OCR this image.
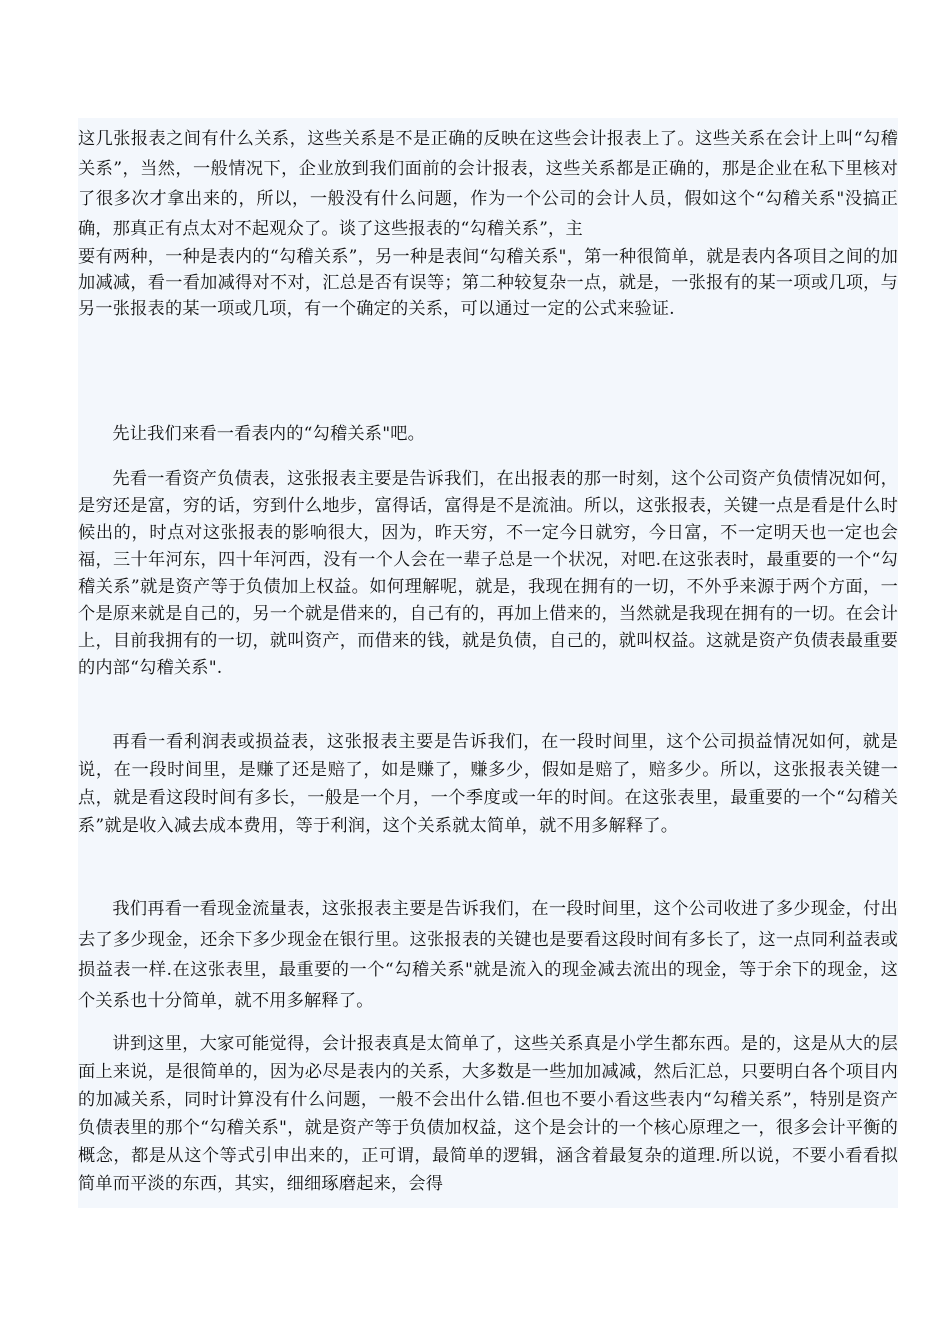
这几张报表之间有什么关系，这些关系是不是正确的反映在这些会计报表上了。这些关系在会计上叫“勾稽关系”，当然，一般情况下，企业放到我们面前的会计报表，这些关系都是正确的，那是企业在私下里核对了很多次才拿出来的，所以，一般没有什么问题，作为一个公司的会计人员，假如这个“勾稽关系"没搞正确，那真正有点太对不起观众了。谈了这些报表的“勾稽关系”，主

要有两种，一种是表内的“勾稽关系”，另一种是表间“勾稽关系"，第一种很简单，就是表内各项目之间的加加减减，看一看加减得对不对，汇总是否有误等；第二种较复杂一点，就是，一张报有的某一项或几项，与另一张报表的某一项或几项，有一个确定的关系，可以通过一定的公式来验证.

先让我们来看一看表内的“勾稽关系"吧。

先看一看资产负债表，这张报表主要是告诉我们，在出报表的那一时刻，这个公司资产负债情况如何，是穷还是富，穷的话，穷到什么地步，富得话，富得是不是流油。所以，这张报表，关键一点是看是什么时候出的，时点对这张报表的影响很大，因为，昨天穷，不一定今日就穷，今日富，不一定明天也一定也会福，三十年河东，四十年河西，没有一个人会在一辈子总是一个状况，对吧.在这张表时，最重要的一个“勾稽关系”就是资产等于负债加上权益。如何理解呢，就是，我现在拥有的一切，不外乎来源于两个方面，一个是原来就是自己的，另一个就是借来的，自己有的，再加上借来的，当然就是我现在拥有的一切。在会计上，目前我拥有的一切，就叫资产，而借来的钱，就是负债，自己的，就叫权益。这就是资产负债表最重要的内部“勾稽关系".

再看一看利润表或损益表，这张报表主要是告诉我们，在一段时间里，这个公司损益情况如何，就是说，在一段时间里，是赚了还是赔了，如是赚了，赚多少，假如是赔了，赔多少。所以，这张报表关键一点，就是看这段时间有多长，一般是一个月，一个季度或一年的时间。在这张表里，最重要的一个“勾稽关系”就是收入减去成本费用，等于利润，这个关系就太简单，就不用多解释了。

我们再看一看现金流量表，这张报表主要是告诉我们，在一段时间里，这个公司收进了多少现金，付出去了多少现金，还余下多少现金在银行里。这张报表的关键也是要看这段时间有多长了，这一点同利益表或损益表一样.在这张表里，最重要的一个“勾稽关系"就是流入的现金减去流出的现金，等于余下的现金，这个关系也十分简单，就不用多解释了。

讲到这里，大家可能觉得，会计报表真是太简单了，这些关系真是小学生都东西。是的，这是从大的层面上来说，是很简单的，因为必尽是表内的关系，大多数是一些加加减减，然后汇总，只要明白各个项目内的加减关系，同时计算没有什么问题，一般不会出什么错.但也不要小看这些表内“勾稽关系”，特别是资产负债表里的那个“勾稽关系"，就是资产等于负债加权益，这个是会计的一个核心原理之一，很多会计平衡的概念，都是从这个等式引申出来的，正可谓，最简单的逻辑，涵含着最复杂的道理.所以说，不要小看看拟简单而平淡的东西，其实，细细琢磨起来，会得
